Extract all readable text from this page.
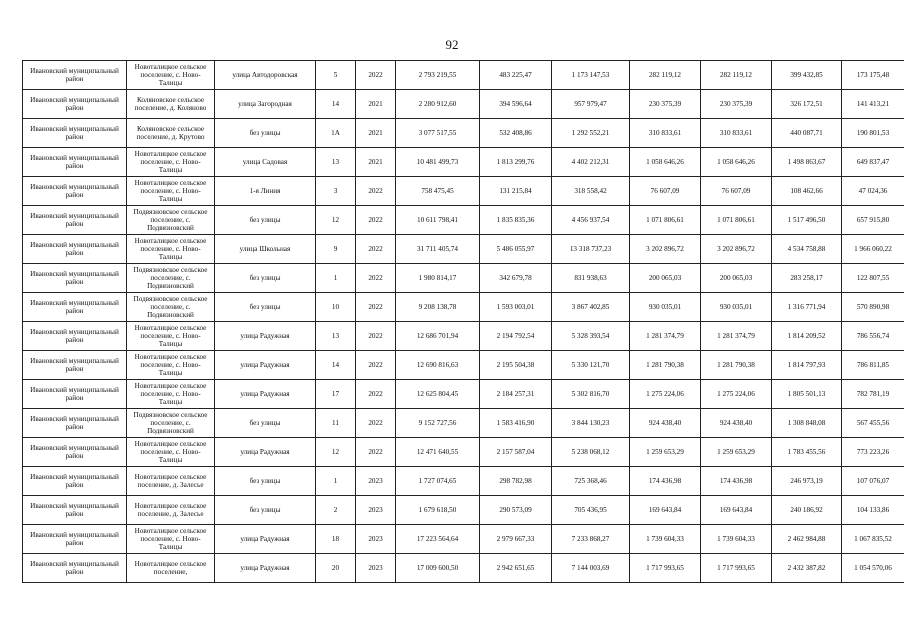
92
Ивановский муниципальный район	Новоталицкое сельское поселение, с. Ново-Талицы	улица Автодоровская	5	2022	2 793 219,55	483 225,47	1 173 147,53	282 119,12	282 119,12	399 432,85	173 175,48
Ивановский муниципальный район	Коляновское сельское поселение, д. Коляново	улица Загородная	14	2021	2 280 912,60	394 596,64	957 979,47	230 375,39	230 375,39	326 172,51	141 413,21
Ивановский муниципальный район	Коляновское сельское поселение, д. Крутово	без улицы	1А	2021	3 077 517,55	532 408,86	1 292 552,21	310 833,61	310 833,61	440 087,71	190 801,53
Ивановский муниципальный район	Новоталицкое сельское поселение, с. Ново-Талицы	улица Садовая	13	2021	10 481 499,73	1 813 299,76	4 402 212,31	1 058 646,26	1 058 646,26	1 498 863,67	649 837,47
Ивановский муниципальный район	Новоталицкое сельское поселение, с. Ново-Талицы	1-я Линия	3	2022	758 475,45	131 215,84	318 558,42	76 607,09	76 607,09	108 462,66	47 024,36
Ивановский муниципальный район	Подвязновское сельское поселение, с. Подвязновский	без улицы	12	2022	10 611 798,41	1 835 835,36	4 456 937,54	1 071 806,61	1 071 806,61	1 517 496,50	657 915,80
Ивановский муниципальный район	Новоталицкое сельское поселение, с. Ново-Талицы	улица Школьная	9	2022	31 711 405,74	5 486 055,97	13 318 737,23	3 202 896,72	3 202 896,72	4 534 758,88	1 966 060,22
Ивановский муниципальный район	Подвязновское сельское поселение, с. Подвязновский	без улицы	1	2022	1 980 814,17	342 679,78	831 938,63	200 065,03	200 065,03	283 258,17	122 807,55
Ивановский муниципальный район	Подвязновское сельское поселение, с. Подвязновский	без улицы	10	2022	9 208 138,78	1 593 003,01	3 867 402,85	930 035,01	930 035,01	1 316 771,94	570 890,98
Ивановский муниципальный район	Новоталицкое сельское поселение, с. Ново-Талицы	улица Радужная	13	2022	12 686 701,94	2 194 792,54	5 328 393,54	1 281 374,79	1 281 374,79	1 814 209,52	786 556,74
Ивановский муниципальный район	Новоталицкое сельское поселение, с. Ново-Талицы	улица Радужная	14	2022	12 690 816,63	2 195 504,38	5 330 121,70	1 281 790,38	1 281 790,38	1 814 797,93	786 811,85
Ивановский муниципальный район	Новоталицкое сельское поселение, с. Ново-Талицы	улица Радужная	17	2022	12 625 804,45	2 184 257,31	5 302 816,70	1 275 224,06	1 275 224,06	1 805 501,13	782 781,19
Ивановский муниципальный район	Подвязновское сельское поселение, с. Подвязновский	без улицы	11	2022	9 152 727,56	1 583 416,90	3 844 130,23	924 438,40	924 438,40	1 308 848,08	567 455,56
Ивановский муниципальный район	Новоталицкое сельское поселение, с. Ново-Талицы	улица Радужная	12	2022	12 471 640,55	2 157 587,04	5 238 068,12	1 259 653,29	1 259 653,29	1 783 455,56	773 223,26
Ивановский муниципальный район	Новоталицкое сельское поселение, д. Залесье	без улицы	1	2023	1 727 074,65	298 782,98	725 368,46	174 436,98	174 436,98	246 973,19	107 076,07
Ивановский муниципальный район	Новоталицкое сельское поселение, д. Залесье	без улицы	2	2023	1 679 618,50	290 573,09	705 436,95	169 643,84	169 643,84	240 186,92	104 133,86
Ивановский муниципальный район	Новоталицкое сельское поселение, с. Ново-Талицы	улица Радужная	18	2023	17 223 564,64	2 979 667,33	7 233 868,27	1 739 604,33	1 739 604,33	2 462 984,88	1 067 835,52
Ивановский муниципальный район	Новоталицкое сельское поселение,	улица Радужная	20	2023	17 009 600,50	2 942 651,65	7 144 003,69	1 717 993,65	1 717 993,65	2 432 387,82	1 054 570,06
